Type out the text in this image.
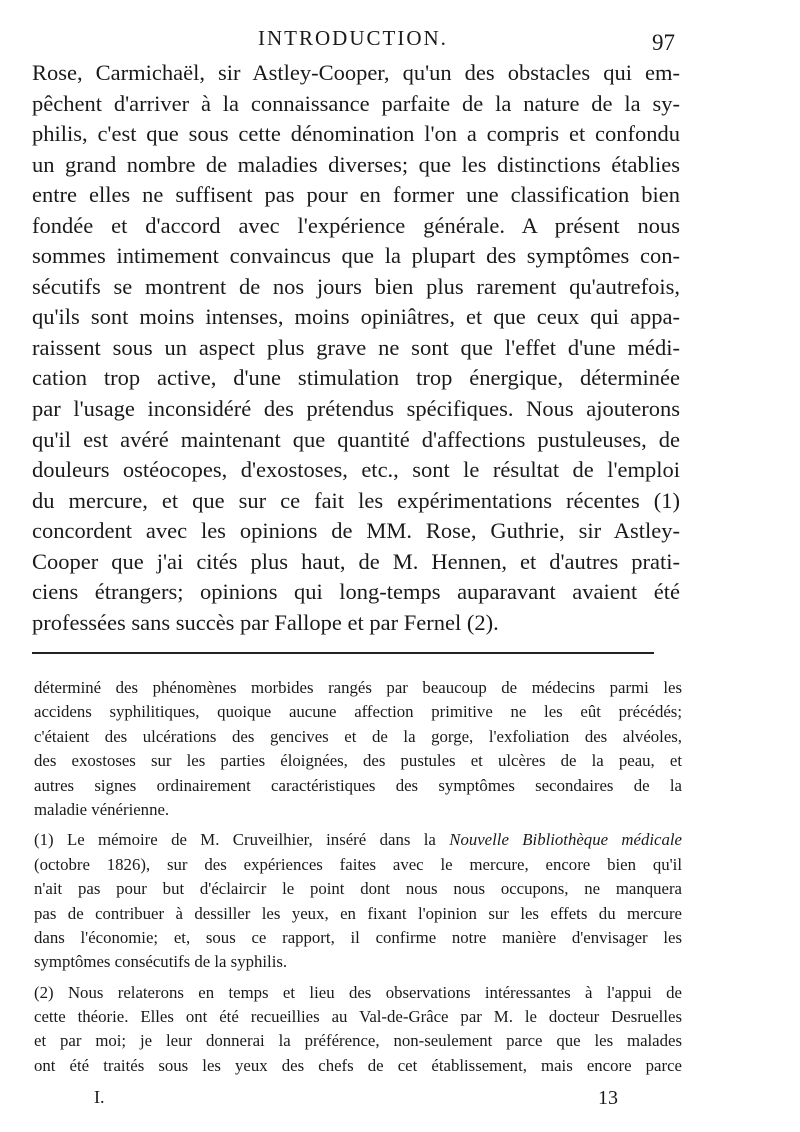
INTRODUCTION.	97
Rose, Carmichaël, sir Astley-Cooper, qu'un des obstacles qui em-
pêchent d'arriver à la connaissance parfaite de la nature de la sy-
philis, c'est que sous cette dénomination l'on a compris et confondu
un grand nombre de maladies diverses; que les distinctions établies
entre elles ne suffisent pas pour en former une classification bien
fondée et d'accord avec l'expérience générale. A présent nous
sommes intimement convaincus que la plupart des symptômes con-
sécutifs se montrent de nos jours bien plus rarement qu'autrefois,
qu'ils sont moins intenses, moins opiniâtres, et que ceux qui appa-
raissent sous un aspect plus grave ne sont que l'effet d'une médi-
cation trop active, d'une stimulation trop énergique, déterminée
par l'usage inconsidéré des prétendus spécifiques. Nous ajouterons
qu'il est avéré maintenant que quantité d'affections pustuleuses, de
douleurs ostéocopes, d'exostoses, etc., sont le résultat de l'emploi
du mercure, et que sur ce fait les expérimentations récentes (1)
concordent avec les opinions de MM. Rose, Guthrie, sir Astley-
Cooper que j'ai cités plus haut, de M. Hennen, et d'autres prati-
ciens étrangers; opinions qui long-temps auparavant avaient été
professées sans succès par Fallope et par Fernel (2).
déterminé des phénomènes morbides rangés par beaucoup de médecins parmi les
accidens syphilitiques, quoique aucune affection primitive ne les eût précédés;
c'étaient des ulcérations des gencives et de la gorge, l'exfoliation des alvéoles,
des exostoses sur les parties éloignées, des pustules et ulcères de la peau, et
autres signes ordinairement caractéristiques des symptômes secondaires de la
maladie vénérienne.
(1) Le mémoire de M. Cruveilhier, inséré dans la Nouvelle Bibliothèque médicale
(octobre 1826), sur des expériences faites avec le mercure, encore bien qu'il
n'ait pas pour but d'éclaircir le point dont nous nous occupons, ne manquera
pas de contribuer à dessiller les yeux, en fixant l'opinion sur les effets du mercure
dans l'économie; et, sous ce rapport, il confirme notre manière d'envisager les
symptômes consécutifs de la syphilis.
(2) Nous relaterons en temps et lieu des observations intéressantes à l'appui de
cette théorie. Elles ont été recueillies au Val-de-Grâce par M. le docteur Desruelles
et par moi; je leur donnerai la préférence, non-seulement parce que les malades
ont été traités sous les yeux des chefs de cet établissement, mais encore parce
I.	13
